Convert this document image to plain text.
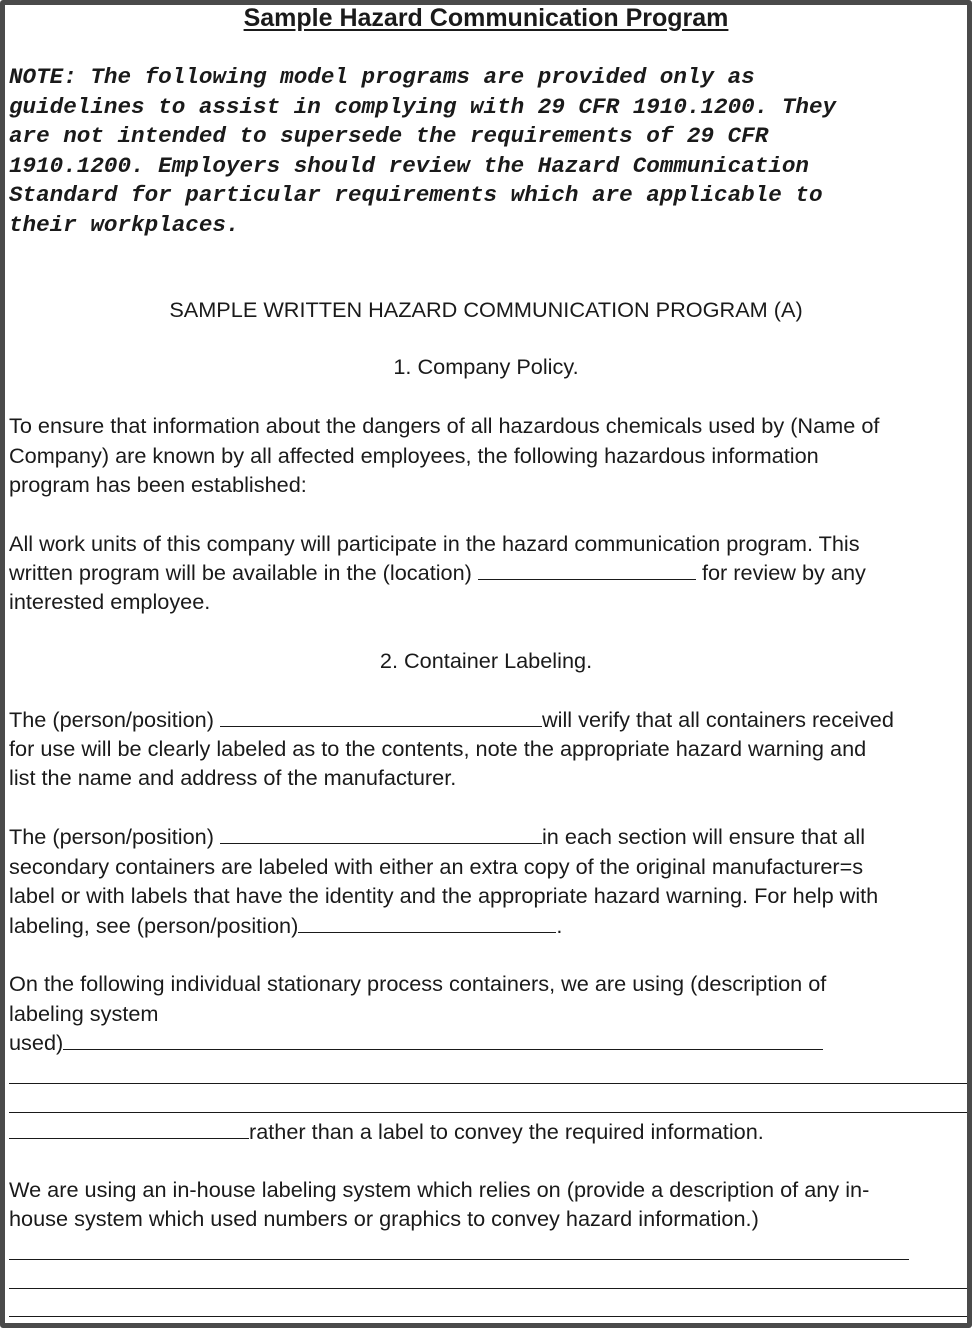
Sample Hazard Communication Program
NOTE: The following model programs are provided only as
guidelines to assist in complying with 29 CFR 1910.1200. They
are not intended to supersede the requirements of 29 CFR
1910.1200. Employers should review the Hazard Communication
Standard for particular requirements which are applicable to
their workplaces.
SAMPLE WRITTEN HAZARD COMMUNICATION PROGRAM (A)
1. Company Policy.
To ensure that information about the dangers of all hazardous chemicals used by (Name of
Company) are known by all affected employees, the following hazardous information
program has been established:
All work units of this company will participate in the hazard communication program. This
written program will be available in the (location)	for review by any
interested employee.
2. Container Labeling.
The (person/position)	will verify that all containers received
for use will be clearly labeled as to the contents, note the appropriate hazard warning and
list the name and address of the manufacturer.
The (person/position)	in each section will ensure that all
secondary containers are labeled with either an extra copy of the original manufacturer=s
label or with labels that have the identity and the appropriate hazard warning. For help with
labeling, see (person/position)	.
On the following individual stationary process containers, we are using (description of
labeling system
used)
rather than a label to convey the required information.
We are using an in-house labeling system which relies on (provide a description of any in-
house system which used numbers or graphics to convey hazard information.)
